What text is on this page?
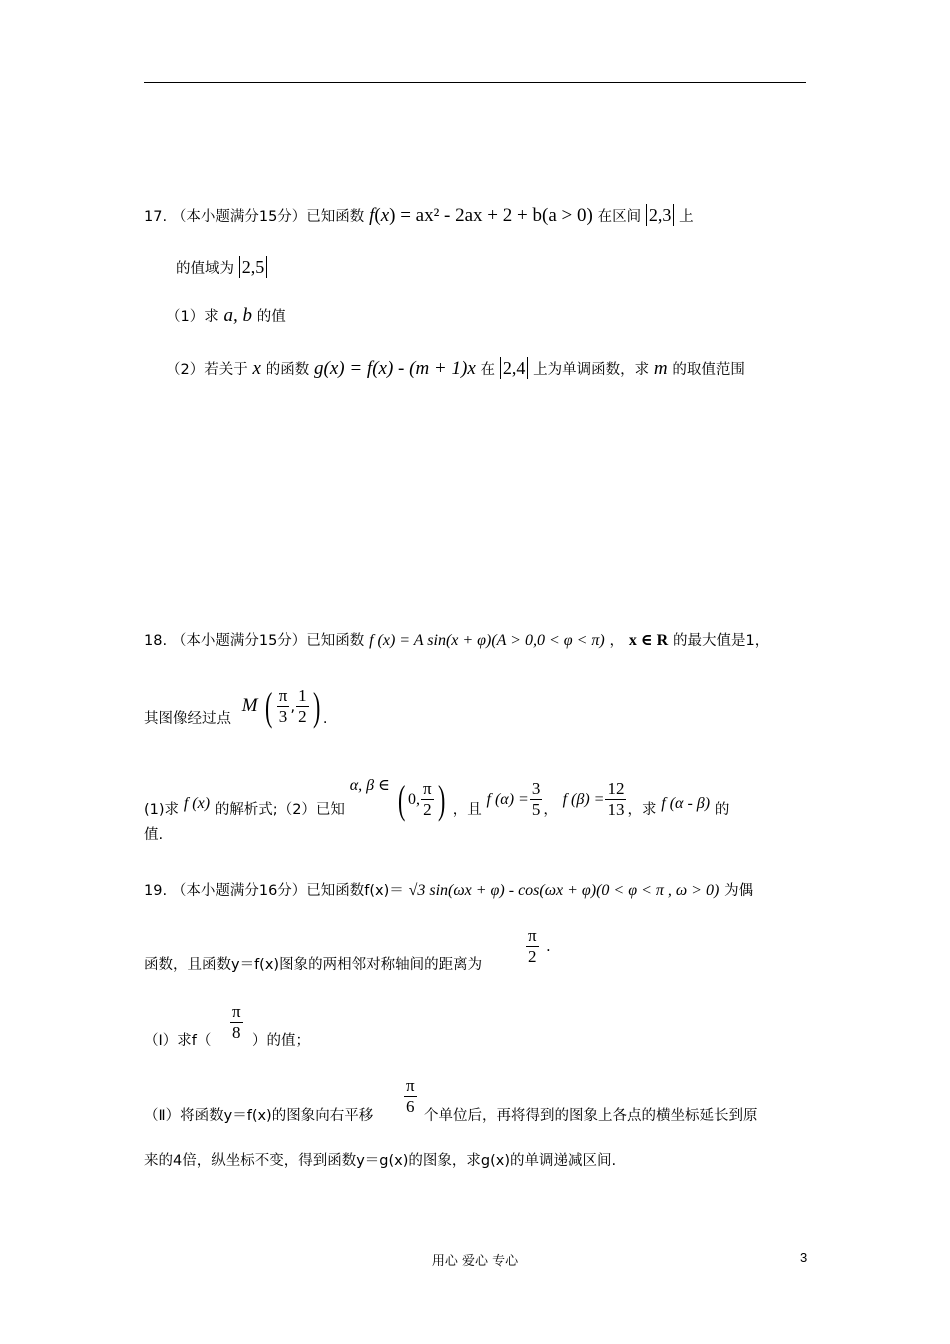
17. （本小题满分15分）已知函数 f(x) = ax² - 2ax + 2 + b(a > 0) 在区间 2,3 上
的值域为 2,5
（1）求 a, b 的值
（2）若关于 x 的函数 g(x) = f(x) - (m + 1)x 在 2,4 上为单调函数，求 m 的取值范围
18. （本小题满分15分）已知函数 f (x) = A sin(x + φ)(A > 0,0 < φ < π) ， x ∈ R 的最大值是1，
其图像经过点 M ( $\frac{\pi}{3}$ , $\frac{1}{2}$ ) .
(1)求 f (x) 的解析式;（2）已知 α, β ∈ ( 0, $\frac{\pi}{2}$ ) ，且 f $(\alpha) = \frac{3}{5}$ ， f $(\beta) = \frac{12}{13}$ ，求 f (α - β) 的
值.
19. （本小题满分16分）已知函数f(x)＝ √3 sin(ωx + φ) - cos(ωx + φ)(0 < φ < π , ω > 0) 为偶
函数，且函数y＝f(x)图象的两相邻对称轴间的距离为	$\frac{\pi}{2}$ .
（Ⅰ）求$f( \frac{\pi}{8}$ ）的值；
（Ⅱ）将函数y＝f(x)的图象向右平移 $\frac{\pi}{6}$ 个单位后，再将得到的图象上各点的横坐标延长到原
来的4倍，纵坐标不变，得到函数y＝g(x)的图象，求g(x)的单调递减区间.
用心 爱心 专心	3
